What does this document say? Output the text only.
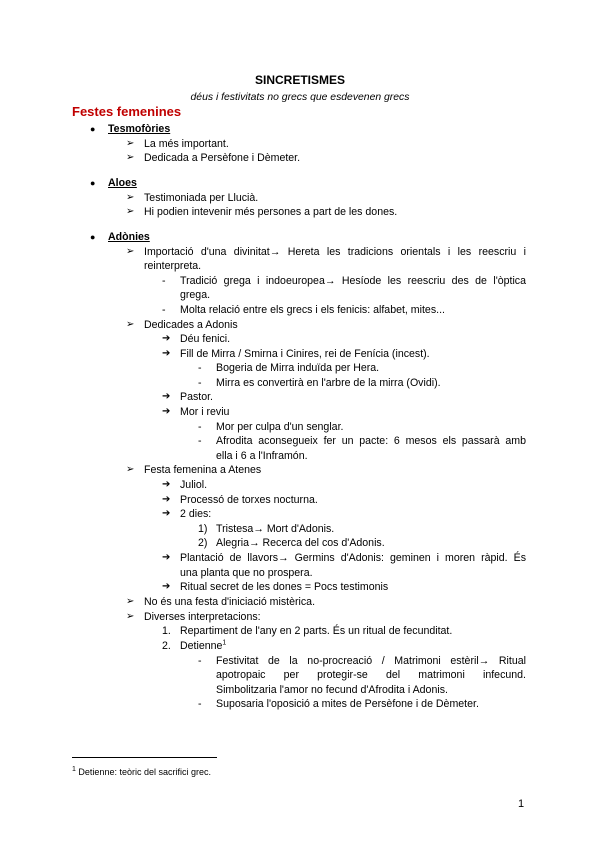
SINCRETISMES
déus i festivitats no grecs que esdevenen grecs
Festes femenines
● Tesmofòries
➢ La més important.
➢ Dedicada a Persèfone i Dèmeter.
● Aloes
➢ Testimoniada per Llucià.
➢ Hi podien intevenir més persones a part de les dones.
● Adònies
➢ Importació d'una divinitat→ Hereta les tradicions orientals i les reescriu i
reinterpreta.
- Tradició grega i indoeuropea→ Hesíode les reescriu des de l'òptica
grega.
- Molta relació entre els grecs i els fenicis: alfabet, mites...
➢ Dedicades a Adonis
➔ Déu fenici.
➔ Fill de Mirra / Smirna i Cinires, rei de Fenícia (incest).
- Bogeria de Mirra induïda per Hera.
- Mirra es convertirà en l'arbre de la mirra (Ovidi).
➔ Pastor.
➔ Mor i reviu
- Mor per culpa d'un senglar.
- Afrodita aconsegueix fer un pacte: 6 mesos els passarà amb
ella i 6 a l'Inframón.
➢ Festa femenina a Atenes
➔ Juliol.
➔ Processó de torxes nocturna.
➔ 2 dies:
1) Tristesa→ Mort d'Adonis.
2) Alegria→ Recerca del cos d'Adonis.
➔ Plantació de llavors→ Germins d'Adonis: geminen i moren ràpid. És
una planta que no prospera.
➔ Ritual secret de les dones = Pocs testimonis
➢ No és una festa d'iniciació mistèrica.
➢ Diverses interpretacions:
1. Repartiment de l'any en 2 parts. És un ritual de fecunditat.
2. Detienne$^1$
- Festivitat de la no-procreació / Matrimoni estèril→ Ritual
apotropaic per protegir-se del matrimoni infecund.
Simbolitzaria l'amor no fecund d'Afrodita i Adonis.
- Suposaria l'oposició a mites de Persèfone i de Dèmeter.
$^1$ Detienne: teòric del sacrifici grec.
1
